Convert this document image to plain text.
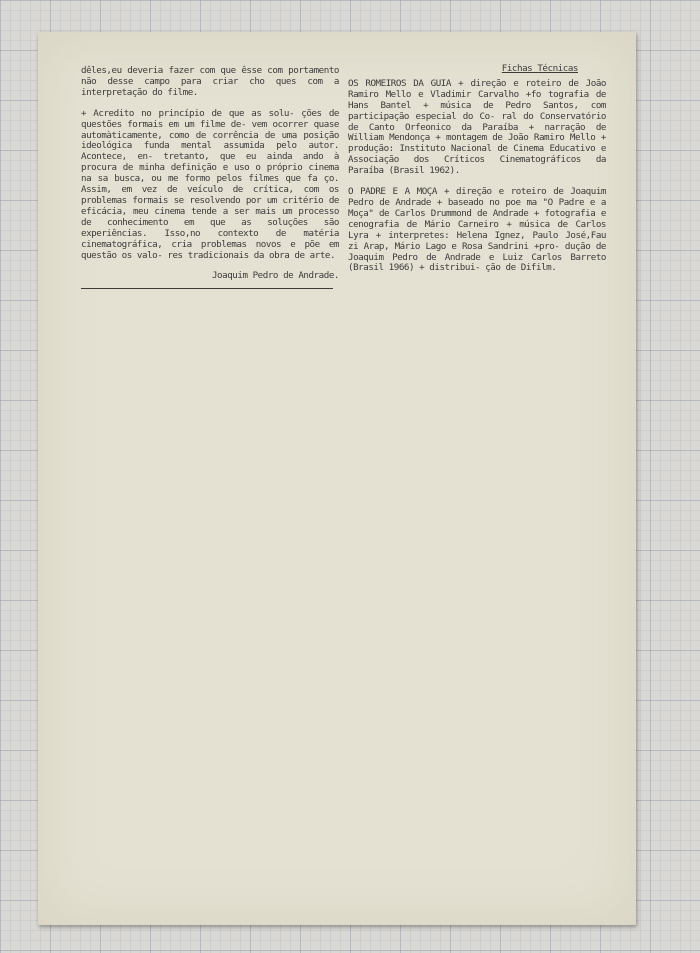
dêles,eu deveria fazer com que êsse com portamento não desse campo para criar cho ques com a interpretação do filme.

+ Acredito no princípio de que as solu- ções de questões formais em um filme de- vem ocorrer quase automàticamente, como de corrência de uma posição ideológica funda mental assumida pelo autor. Acontece, en- tretanto, que eu ainda ando à procura de minha definição e uso o próprio cinema na sa busca, ou me formo pelos filmes que fa ço. Assim, em vez de veículo de crítica, com os problemas formais se resolvendo por um critério de eficácia, meu cinema tende a ser mais um processo de conhecimento em que as soluções são experiências. Isso,no contexto de matéria cinematográfica, cria problemas novos e põe em questão os valo- res tradicionais da obra de arte.

Joaquim Pedro de Andrade.
Fichas Técnicas

OS ROMEIROS DA GUIA + direção e roteiro de João Ramiro Mello e Vladimir Carvalho +fo tografia de Hans Bantel + música de Pedro Santos, com participação especial do Co- ral do Conservatório de Canto Orfeonico da Paraíba + narração de William Mendonça + montagem de João Ramiro Mello + produção: Instituto Nacional de Cinema Educativo e Associação dos Críticos Cinematográficos da Paraíba (Brasil 1962).

O PADRE E A MOÇA + direção e roteiro de Joaquim Pedro de Andrade + baseado no poe ma "O Padre e a Moça" de Carlos Drummond de Andrade + fotografia e cenografia de Mário Carneiro + música de Carlos Lyra + interpretes: Helena Ignez, Paulo José,Fau zi Arap, Mário Lago e Rosa Sandrini +pro- dução de Joaquim Pedro de Andrade e Luiz Carlos Barreto (Brasil 1966) + distribui- ção de Difilm.
